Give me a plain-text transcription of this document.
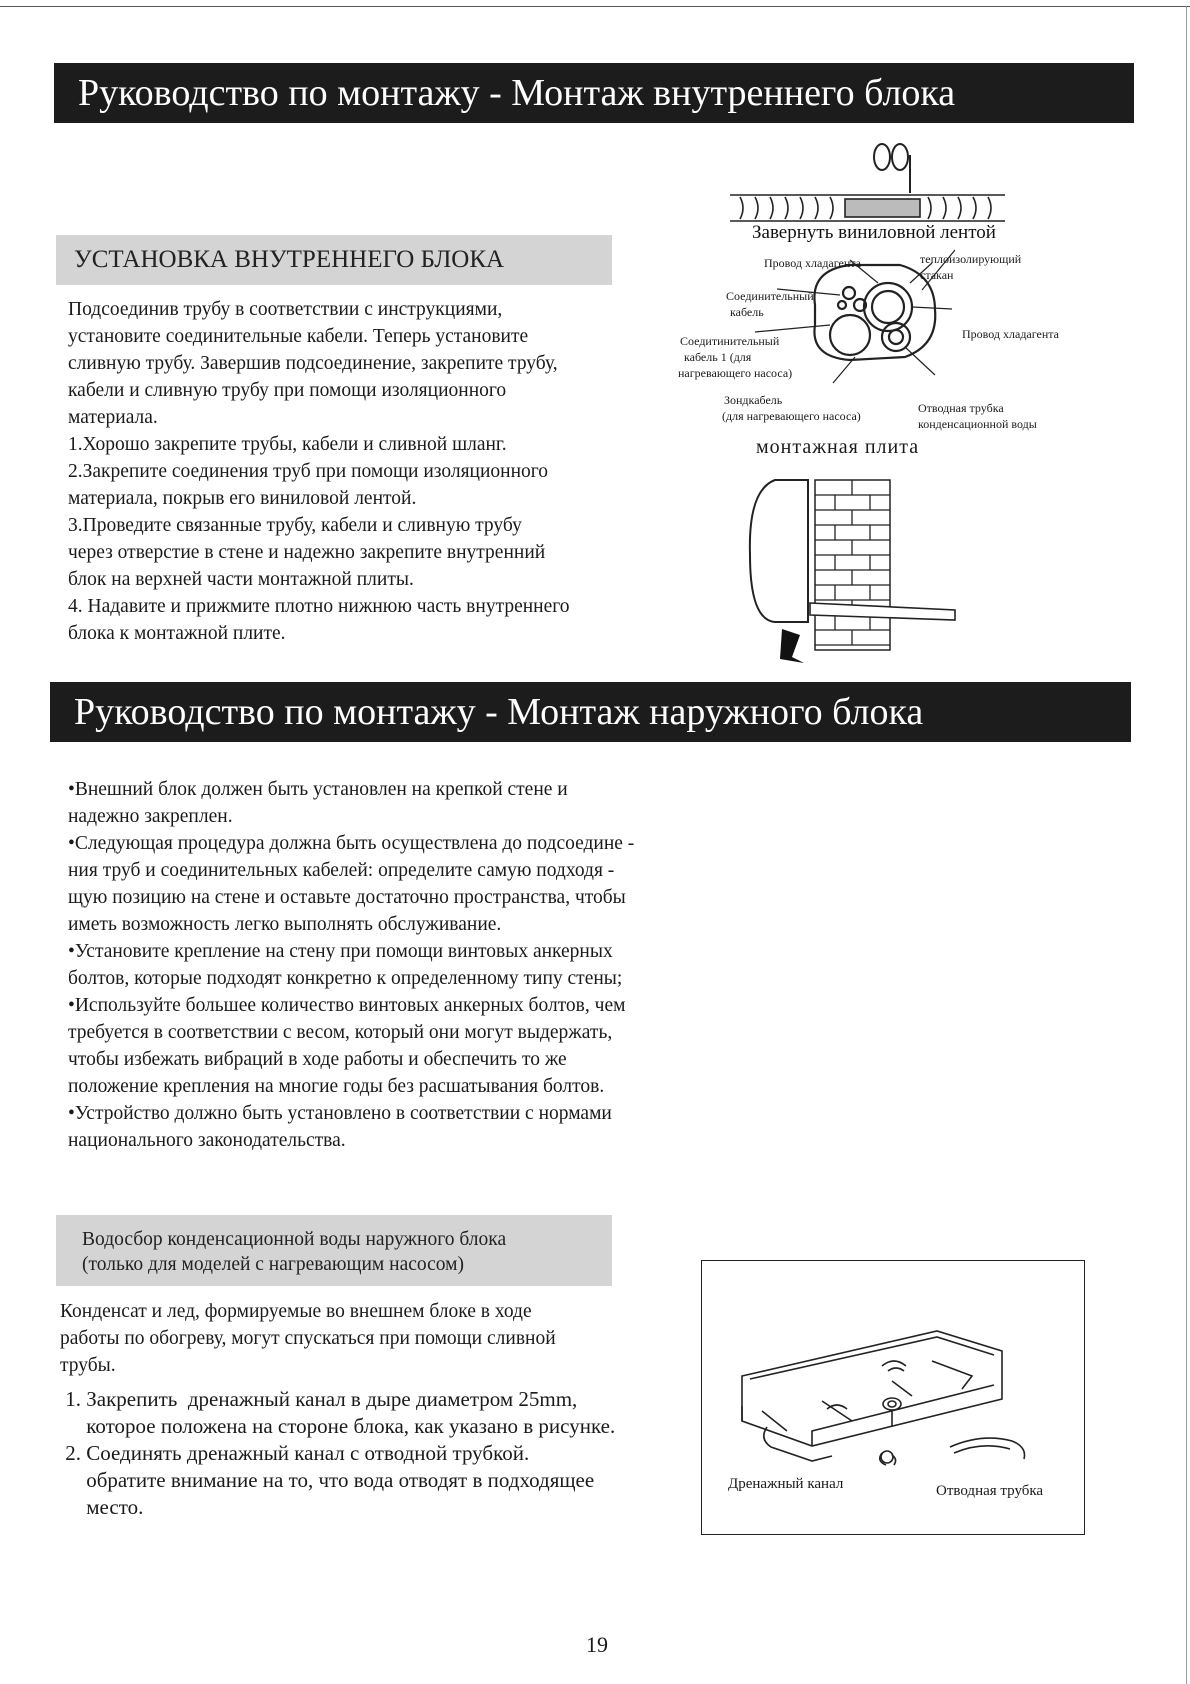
Руководство по монтажу - Монтаж внутреннего блока
УСТАНОВКА ВНУТРЕННЕГО БЛОКА
Подсоединив трубу в соответствии с инструкциями,
установите соединительные кабели. Теперь установите
сливную трубу. Завершив подсоединение, закрепите трубу,
кабели и сливную трубу при помощи изоляционного
материала.
1.Хорошо закрепите трубы, кабели и сливной шланг.
2.Закрепите соединения труб при помощи изоляционного
материала, покрыв его виниловой лентой.
3.Проведите связанные трубу, кабели и сливную трубу
через отверстие в стене и надежно закрепите внутренний
блок на верхней части монтажной плиты.
4. Надавите и прижмите плотно нижнюю часть внутреннего
блока к монтажной плите.
Завернуть виниловной лентой
Провод хладагента	теплоизолирующий
стакан
Соединительный
кабель
Провод хладагента
Соедитинительный
кабель 1 (для
нагревающего насоса)
Зондкабель
(для нагревающего насоса)
Отводная трубка
конденсационной воды
монтажная плита
Руководство по монтажу - Монтаж наружного блока
•Внешний блок должен быть установлен на крепкой стене и
надежно закреплен.
•Следующая процедура должна быть осуществлена до подсоедине -
ния труб и соединительных кабелей: определите самую подходя -
щую позицию на стене и оставьте достаточно пространства, чтобы
иметь возможность легко выполнять обслуживание.
•Установите крепление на стену при помощи винтовых анкерных
болтов, которые подходят конкретно к определенному типу стены;
•Используйте большее количество винтовых анкерных болтов, чем
требуется в соответствии с весом, который они могут выдержать,
чтобы избежать вибраций в ходе работы и обеспечить то же
положение крепления на многие годы без расшатывания болтов.
•Устройство должно быть установлено в соответствии с нормами
национального законодательства.
Водосбор конденсационной воды наружного блока
(только для моделей с нагревающим насосом)
Конденсат и лед, формируемые во внешнем блоке в ходе
работы по обогреву, могут спускаться при помощи сливной
трубы.
1. Закрепить  дренажный канал в дыре диаметром 25mm,
которое положена на стороне блока, как указано в рисунке.
2. Соединять дренажный канал с отводной трубкой.
обратите внимание на то, что вода отводят в подходящее
место.
Дренажный канал	Отводная трубка
19
